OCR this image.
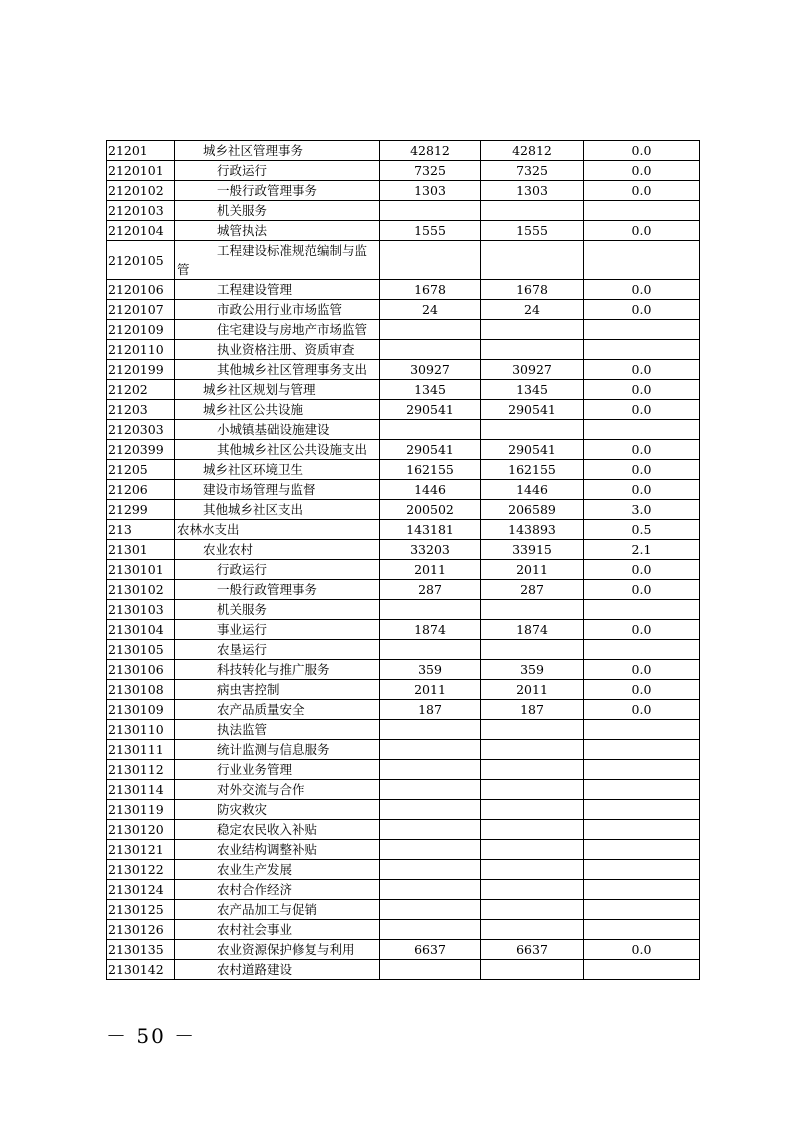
21201	城乡社区管理事务	42812	42812	0.0
2120101	行政运行	7325	7325	0.0
2120102	一般行政管理事务	1303	1303	0.0
2120103	机关服务			
2120104	城管执法	1555	1555	0.0
2120105	工程建设标准规范编制与监
管			

2120106	工程建设管理	1678	1678	0.0
2120107	市政公用行业市场监管	24	24	0.0
2120109	住宅建设与房地产市场监管			
2120110	执业资格注册、资质审查			
2120199	其他城乡社区管理事务支出	30927	30927	0.0
21202	城乡社区规划与管理	1345	1345	0.0
21203	城乡社区公共设施	290541	290541	0.0
2120303	小城镇基础设施建设			
2120399	其他城乡社区公共设施支出	290541	290541	0.0
21205	城乡社区环境卫生	162155	162155	0.0
21206	建设市场管理与监督	1446	1446	0.0
21299	其他城乡社区支出	200502	206589	3.0
213	农林水支出	143181	143893	0.5
21301	农业农村	33203	33915	2.1
2130101	行政运行	2011	2011	0.0
2130102	一般行政管理事务	287	287	0.0
2130103	机关服务			
2130104	事业运行	1874	1874	0.0
2130105	农垦运行			
2130106	科技转化与推广服务	359	359	0.0
2130108	病虫害控制	2011	2011	0.0
2130109	农产品质量安全	187	187	0.0
2130110	执法监管			
2130111	统计监测与信息服务			
2130112	行业业务管理			
2130114	对外交流与合作			
2130119	防灾救灾			
2130120	稳定农民收入补贴			
2130121	农业结构调整补贴			
2130122	农业生产发展			
2130124	农村合作经济			
2130125	农产品加工与促销			
2130126	农村社会事业			
2130135	农业资源保护修复与利用	6637	6637	0.0
2130142	农村道路建设			
－ 50 －
